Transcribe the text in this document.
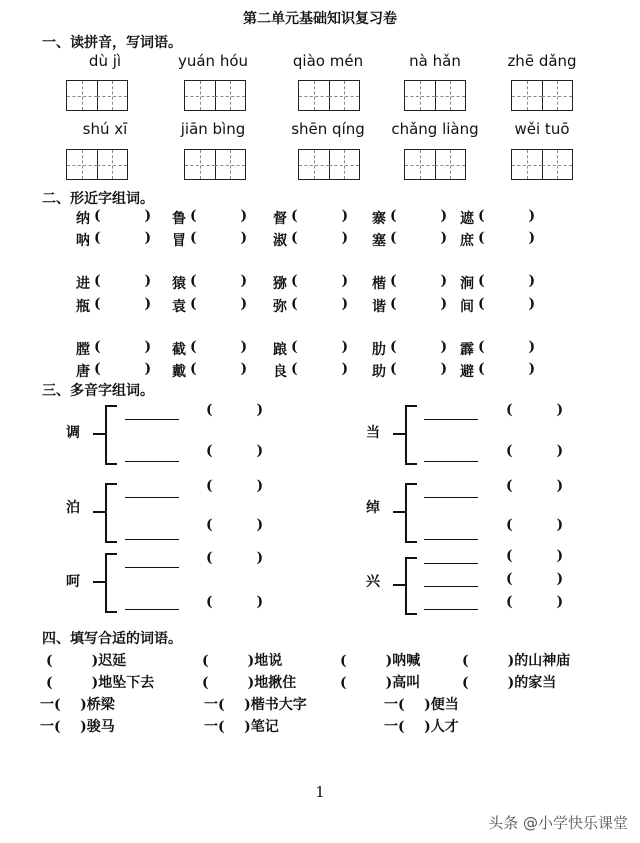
第二单元基础知识复习卷
一、读拼音，写词语。
dù jì	yuán hóu	qiào mén	nà hǎn	zhē dǎng
shú xī	jiān bìng	shēn qíng	chǎng liàng	wěi tuō
二、形近字组词。
纳 (         ) 鲁 (         ) 督 (         ) 寨 (         ) 遮 (         )
呐 (         ) 冒 (         ) 淑 (         ) 塞 (         ) 庶 (         )
进 (         ) 猿 (         ) 猕 (         ) 楷 (         ) 涧 (         )
瓶 (         ) 袁 (         ) 弥 (         ) 谐 (         ) 间 (         )
膛 (         ) 截 (         ) 踉 (         ) 肋 (         ) 霹 (         )
唐 (         ) 戴 (         ) 良 (         ) 助 (         ) 避 (         )
三、多音字组词。
调
(         )
(         )
当
(         )
(         )
泊
(         )
(         )
绰
(         )
(         )
呵
(         )
(         )
兴
(         )
(         )
(         )
四、填写合适的词语。
(        )迟延	(        )地说	(        )呐喊	(        )的山神庙
(        )地坠下去	(        )地揪住	(        )高叫	(        )的家当
一(    )桥梁	一(    )楷书大字	一(    )便当
一(    )骏马	一(    )笔记	一(    )人才
1
头条 @小学快乐课堂
